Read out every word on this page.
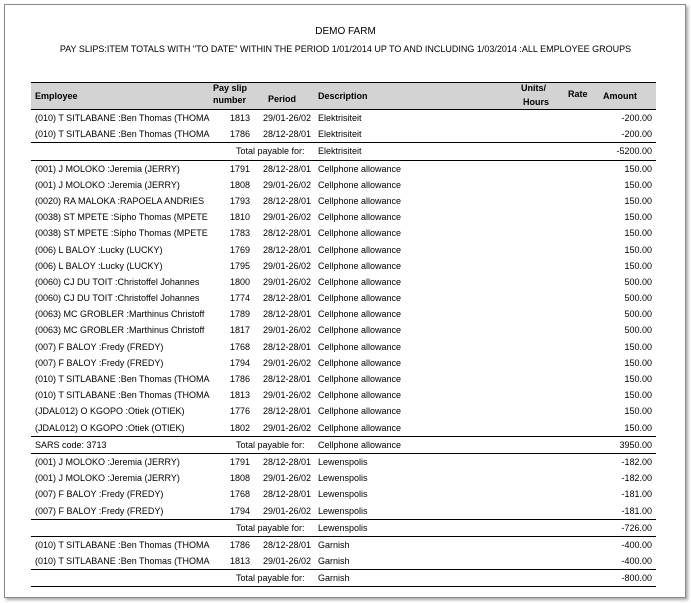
DEMO FARM
PAY SLIPS:ITEM TOTALS WITH "TO DATE" WITHIN THE PERIOD 1/01/2014 UP TO AND INCLUDING 1/03/2014 :ALL EMPLOYEE GROUPS
Employee
Pay slip
number Period Description
Units/
Hours
Rate Amount
(010) T SITLABANE :Ben Thomas (THOMA	1813 29/01-26/02 Elektrisiteit	-200.00
(010) T SITLABANE :Ben Thomas (THOMA	1786 28/12-28/01 Elektrisiteit	-200.00
Total payable for: Elektrisiteit	-5200.00
(001) J MOLOKO :Jeremia (JERRY)	1791 28/12-28/01 Cellphone allowance	150.00
(001) J MOLOKO :Jeremia (JERRY)	1808 29/01-26/02 Cellphone allowance	150.00
(0020) RA MALOKA :RAPOELA ANDRIES	1793 28/12-28/01 Cellphone allowance	150.00
(0038) ST MPETE :Sipho Thomas (MPETE	1810 29/01-26/02 Cellphone allowance	150.00
(0038) ST MPETE :Sipho Thomas (MPETE	1783 28/12-28/01 Cellphone allowance	150.00
(006) L BALOY :Lucky (LUCKY)	1769 28/12-28/01 Cellphone allowance	150.00
(006) L BALOY :Lucky (LUCKY)	1795 29/01-26/02 Cellphone allowance	150.00
(0060) CJ DU TOIT :Christoffel Johannes	1800 29/01-26/02 Cellphone allowance	500.00
(0060) CJ DU TOIT :Christoffel Johannes	1774 28/12-28/01 Cellphone allowance	500.00
(0063) MC GROBLER :Marthinus Christoff	1789 28/12-28/01 Cellphone allowance	500.00
(0063) MC GROBLER :Marthinus Christoff	1817 29/01-26/02 Cellphone allowance	500.00
(007) F BALOY :Fredy (FREDY)	1768 28/12-28/01 Cellphone allowance	150.00
(007) F BALOY :Fredy (FREDY)	1794 29/01-26/02 Cellphone allowance	150.00
(010) T SITLABANE :Ben Thomas (THOMA	1786 28/12-28/01 Cellphone allowance	150.00
(010) T SITLABANE :Ben Thomas (THOMA	1813 29/01-26/02 Cellphone allowance	150.00
(JDAL012) O KGOPO :Otiek (OTIEK)	1776 28/12-28/01 Cellphone allowance	150.00
(JDAL012) O KGOPO :Otiek (OTIEK)	1802 29/01-26/02 Cellphone allowance	150.00
SARS code: 3713	Total payable for: Cellphone allowance	3950.00
(001) J MOLOKO :Jeremia (JERRY)	1791 28/12-28/01 Lewenspolis	-182.00
(001) J MOLOKO :Jeremia (JERRY)	1808 29/01-26/02 Lewenspolis	-182.00
(007) F BALOY :Fredy (FREDY)	1768 28/12-28/01 Lewenspolis	-181.00
(007) F BALOY :Fredy (FREDY)	1794 29/01-26/02 Lewenspolis	-181.00
Total payable for: Lewenspolis	-726.00
(010) T SITLABANE :Ben Thomas (THOMA	1786 28/12-28/01 Garnish	-400.00
(010) T SITLABANE :Ben Thomas (THOMA	1813 29/01-26/02 Garnish	-400.00
Total payable for: Garnish	-800.00
